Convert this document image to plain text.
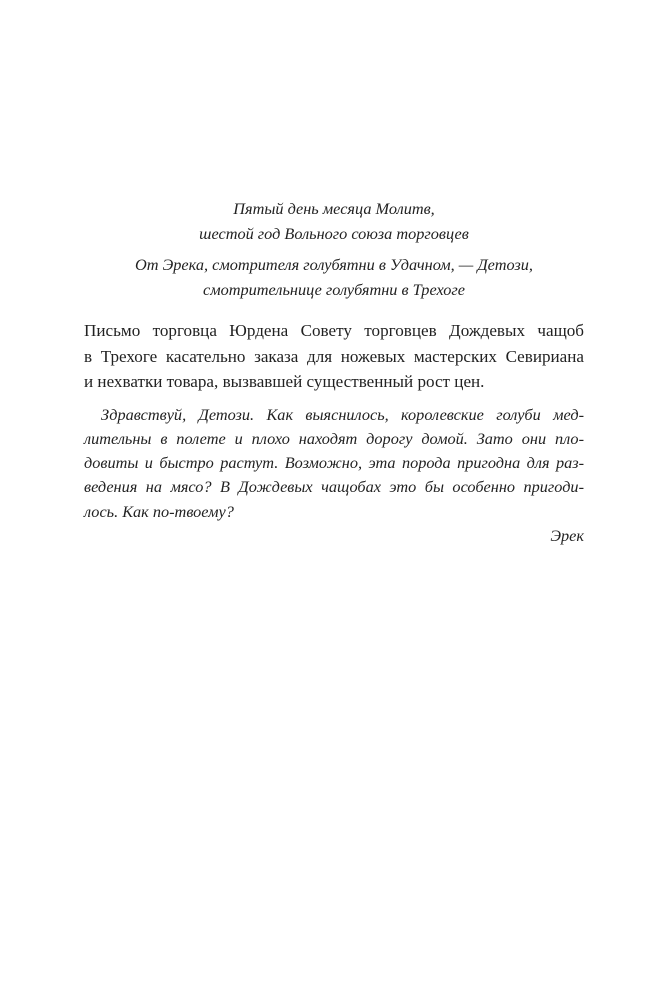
Пятый день месяца Молитв,
шестой год Вольного союза торговцев
От Эрека, смотрителя голубятни в Удачном, — Детози,
смотрительнице голубятни в Трехоге
Письмо торговца Юрдена Совету торговцев Дождевых чащоб
в Трехоге касательно заказа для ножевых мастерских Севириана
и нехватки товара, вызвавшей существенный рост цен.
Здравствуй, Детози. Как выяснилось, королевские голуби мед-
лительны в полете и плохо находят дорогу домой. Зато они пло-
довиты и быстро растут. Возможно, эта порода пригодна для раз-
ведения на мясо? В Дождевых чащобах это бы особенно пригоди-
лось. Как по-твоему?
Эрек
